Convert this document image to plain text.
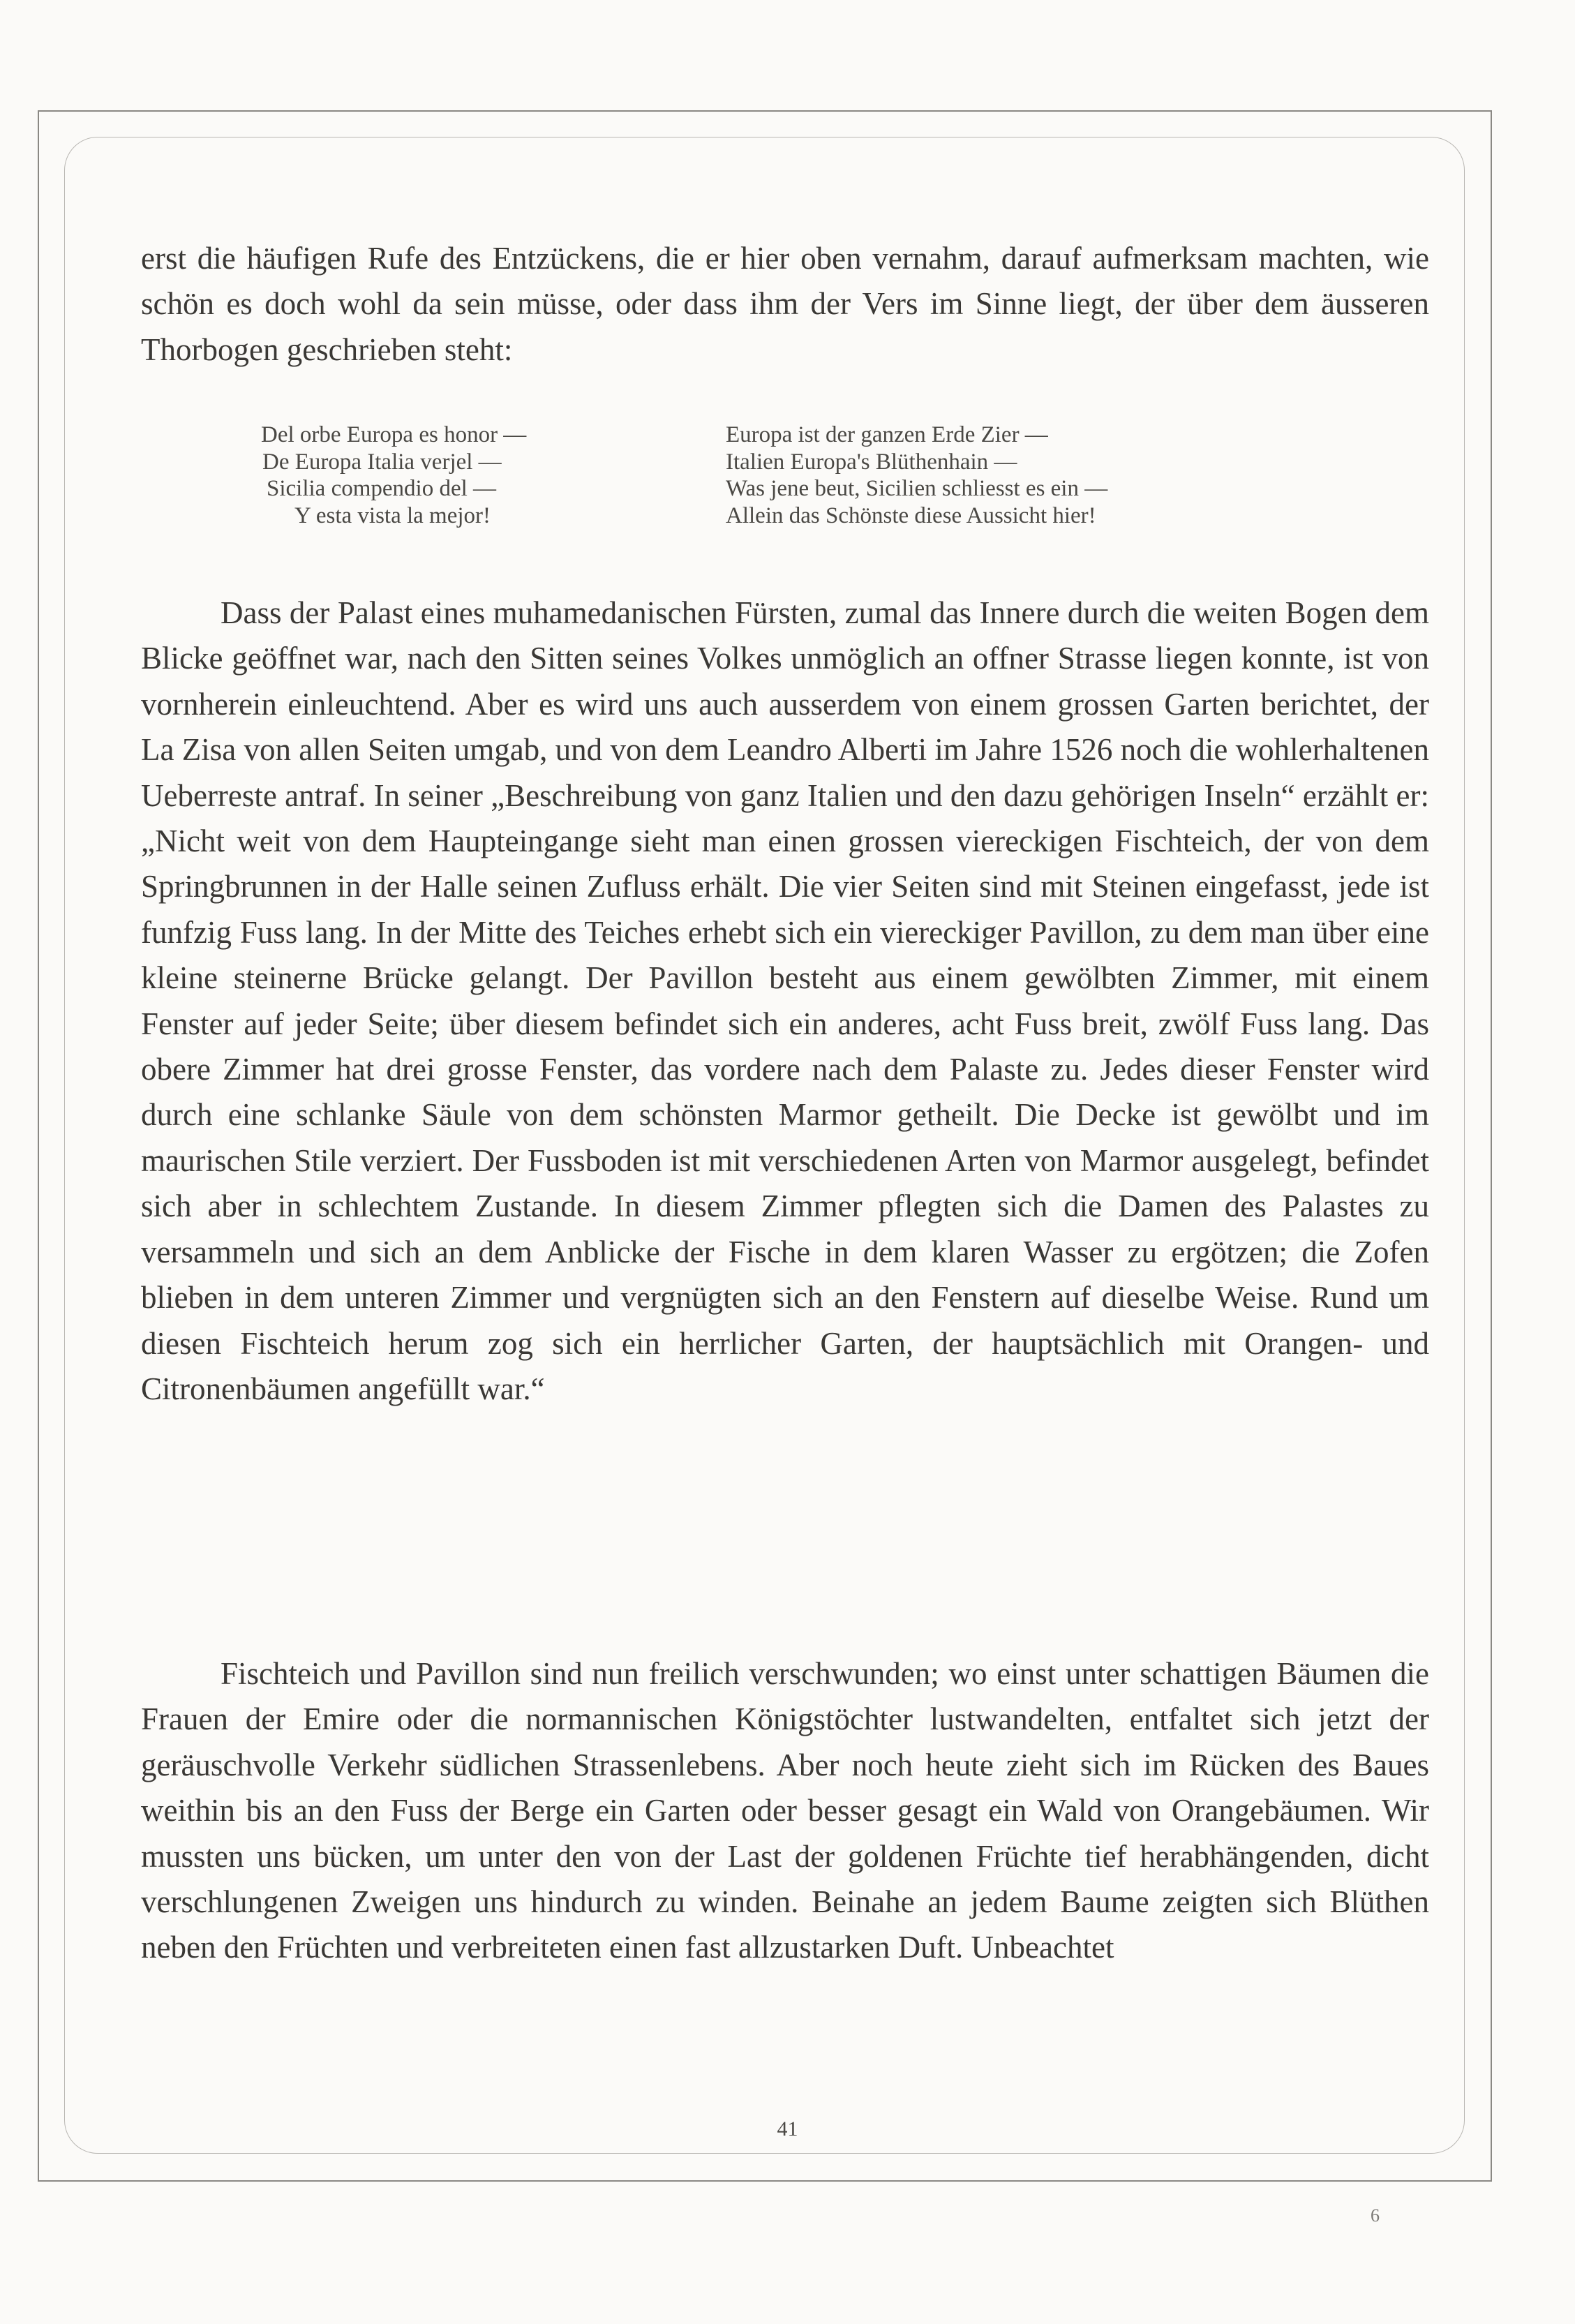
erst die häufigen Rufe des Entzückens, die er hier oben vernahm, darauf aufmerksam machten, wie schön es doch wohl da sein müsse, oder dass ihm der Vers im Sinne liegt, der über dem äusseren Thorbogen geschrieben steht:

Del orbe Europa es honor —
De Europa Italia verjel —
Sicilia compendio del —
Y esta vista la mejor!
Europa ist der ganzen Erde Zier —
Italien Europa's Blüthenhain —
Was jene beut, Sicilien schliesst es ein —
Allein das Schönste diese Aussicht hier!

Dass der Palast eines muhamedanischen Fürsten, zumal das Innere durch die weiten Bogen dem Blicke geöffnet war, nach den Sitten seines Volkes unmöglich an offner Strasse liegen konnte, ist von vornherein einleuchtend. Aber es wird uns auch ausserdem von einem grossen Garten berichtet, der La Zisa von allen Seiten umgab, und von dem Leandro Alberti im Jahre 1526 noch die wohlerhaltenen Ueberreste antraf. In seiner „Beschreibung von ganz Italien und den dazu gehörigen Inseln“ erzählt er: „Nicht weit von dem Haupteingange sieht man einen grossen viereckigen Fischteich, der von dem Springbrunnen in der Halle seinen Zufluss erhält. Die vier Seiten sind mit Steinen eingefasst, jede ist funfzig Fuss lang. In der Mitte des Teiches erhebt sich ein viereckiger Pavillon, zu dem man über eine kleine steinerne Brücke gelangt. Der Pavillon besteht aus einem gewölbten Zimmer, mit einem Fenster auf jeder Seite; über diesem befindet sich ein anderes, acht Fuss breit, zwölf Fuss lang. Das obere Zimmer hat drei grosse Fenster, das vordere nach dem Palaste zu. Jedes dieser Fenster wird durch eine schlanke Säule von dem schönsten Marmor getheilt. Die Decke ist gewölbt und im maurischen Stile verziert. Der Fussboden ist mit verschiedenen Arten von Marmor ausgelegt, befindet sich aber in schlechtem Zustande. In diesem Zimmer pflegten sich die Damen des Palastes zu versammeln und sich an dem Anblicke der Fische in dem klaren Wasser zu ergötzen; die Zofen blieben in dem unteren Zimmer und vergnügten sich an den Fenstern auf dieselbe Weise. Rund um diesen Fischteich herum zog sich ein herrlicher Garten, der hauptsächlich mit Orangen- und Citronenbäumen angefüllt war.“

Fischteich und Pavillon sind nun freilich verschwunden; wo einst unter schattigen Bäumen die Frauen der Emire oder die normannischen Königstöchter lustwandelten, entfaltet sich jetzt der geräuschvolle Verkehr südlichen Strassenlebens. Aber noch heute zieht sich im Rücken des Baues weithin bis an den Fuss der Berge ein Garten oder besser gesagt ein Wald von Orangebäumen. Wir mussten uns bücken, um unter den von der Last der goldenen Früchte tief herabhängenden, dicht verschlungenen Zweigen uns hindurch zu winden. Beinahe an jedem Baume zeigten sich Blüthen neben den Früchten und verbreiteten einen fast allzustarken Duft. Unbeachtet

41
6
